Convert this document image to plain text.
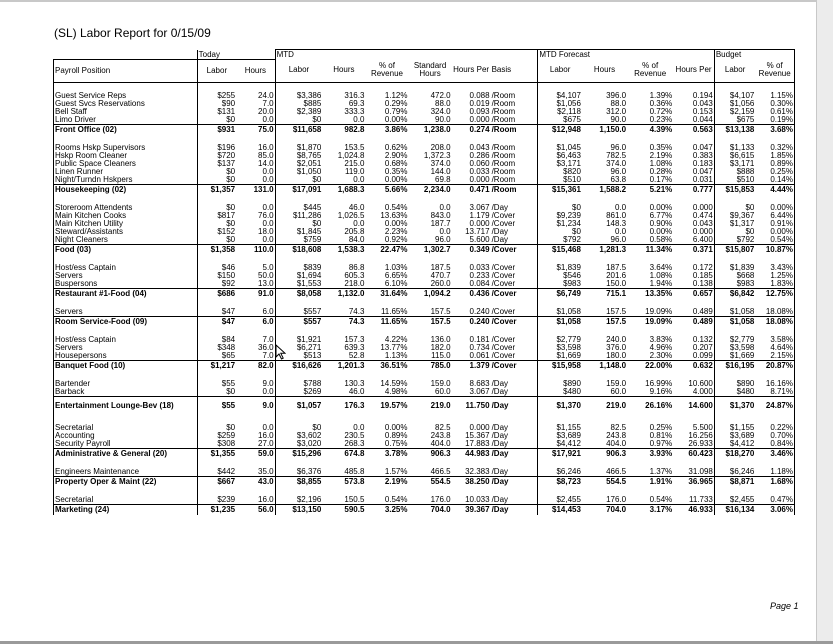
(SL) Labor Report for 0/15/09
	Today		MTD						MTD Forecast				Budget	
Payroll Position	Labor	Hours	Labor	Hours	% of Revenue	Standard Hours	Hours Per	Basis	Labor	Hours	% of Revenue	Hours Per	Labor	% of Revenue

Guest Service Reps	$255	24.0	$3,386	316.3	1.12%	472.0	0.088	/Room	$4,107	396.0	1.39%	0.194	$4,107	1.15%
Guest Svcs Reservations	$90	7.0	$885	69.3	0.29%	88.0	0.019	/Room	$1,056	88.0	0.36%	0.043	$1,056	0.30%
Bell Staff	$131	20.0	$2,389	333.3	0.79%	324.0	0.093	/Room	$2,118	312.0	0.72%	0.153	$2,159	0.61%
Limo Driver	$0	0.0	$0	0.0	0.00%	90.0	0.000	/Room	$675	90.0	0.23%	0.044	$675	0.19%
Front Office (02)	$931	75.0	$11,658	982.8	3.86%	1,238.0	0.274	/Room	$12,948	1,150.0	4.39%	0.563	$13,138	3.68%

Rooms Hskp Supervisors	$196	16.0	$1,870	153.5	0.62%	208.0	0.043	/Room	$1,045	96.0	0.35%	0.047	$1,133	0.32%
Hskp Room Cleaner	$720	85.0	$8,765	1,024.8	2.90%	1,372.3	0.286	/Room	$6,463	782.5	2.19%	0.383	$6,615	1.85%
Public Space Cleaners	$137	14.0	$2,051	215.0	0.68%	374.0	0.060	/Room	$3,171	374.0	1.08%	0.183	$3,171	0.89%
Linen Runner	$0	0.0	$1,050	119.0	0.35%	144.0	0.033	/Room	$820	96.0	0.28%	0.047	$888	0.25%
Night/Turndn Hskpers	$0	0.0	$0	0.0	0.00%	69.8	0.000	/Room	$510	63.8	0.17%	0.031	$510	0.14%
Housekeeping (02)	$1,357	131.0	$17,091	1,688.3	5.66%	2,234.0	0.471	/Room	$15,361	1,588.2	5.21%	0.777	$15,853	4.44%

Storeroom Attendents	$0	0.0	$445	46.0	0.54%	0.0	3.067	/Day	$0	0.0	0.00%	0.000	$0	0.00%
Main Kitchen Cooks	$817	76.0	$11,286	1,026.5	13.63%	843.0	1.179	/Cover	$9,239	861.0	6.77%	0.474	$9,367	6.44%
Main Kitchen Utility	$0	0.0	$0	0.0	0.00%	187.7	0.000	/Cover	$1,234	148.3	0.90%	0.043	$1,317	0.91%
Steward/Assistants	$152	18.0	$1,845	205.8	2.23%	0.0	13.717	/Day	$0	0.0	0.00%	0.000	$0	0.00%
Night Cleaners	$0	0.0	$759	84.0	0.92%	96.0	5.600	/Day	$792	96.0	0.58%	6.400	$792	0.54%
Food (03)	$1,358	110.0	$18,608	1,538.3	22.47%	1,302.7	0.349	/Cover	$15,468	1,281.3	11.34%	0.371	$15,807	10.87%

Host/ess Captain	$46	5.0	$839	86.8	1.03%	187.5	0.033	/Cover	$1,839	187.5	3.64%	0.172	$1,839	3.43%
Servers	$150	50.0	$1,694	605.3	6.65%	470.7	0.233	/Cover	$546	201.6	1.08%	0.185	$668	1.25%
Buspersons	$92	13.0	$1,553	218.0	6.10%	260.0	0.084	/Cover	$983	150.0	1.94%	0.138	$983	1.83%
Restaurant #1-Food (04)	$686	91.0	$8,058	1,132.0	31.64%	1,094.2	0.436	/Cover	$6,749	715.1	13.35%	0.657	$6,842	12.75%

Servers	$47	6.0	$557	74.3	11.65%	157.5	0.240	/Cover	$1,058	157.5	19.09%	0.489	$1,058	18.08%
Room Service-Food (09)	$47	6.0	$557	74.3	11.65%	157.5	0.240	/Cover	$1,058	157.5	19.09%	0.489	$1,058	18.08%

Host/ess Captain	$84	7.0	$1,921	157.3	4.22%	136.0	0.181	/Cover	$2,779	240.0	3.83%	0.132	$2,779	3.58%
Servers	$348	36.0	$6,271	639.3	13.77%	182.0	0.734	/Cover	$3,598	376.0	4.96%	0.207	$3,598	4.64%
Housepersons	$65	7.0	$513	52.8	1.13%	115.0	0.061	/Cover	$1,669	180.0	2.30%	0.099	$1,669	2.15%
Banquet Food (10)	$1,217	82.0	$16,626	1,201.3	36.51%	785.0	1.379	/Cover	$15,958	1,148.0	22.00%	0.632	$16,195	20.87%

Bartender	$55	9.0	$788	130.3	14.59%	159.0	8.683	/Day	$890	159.0	16.99%	10.600	$890	16.16%
Barback	$0	0.0	$269	46.0	4.98%	60.0	3.067	/Day	$480	60.0	9.16%	4.000	$480	8.71%
Entertainment Lounge-Bev (18)	$55	9.0	$1,057	176.3	19.57%	219.0	11.750	/Day	$1,370	219.0	26.16%	14.600	$1,370	24.87%

Secretarial	$0	0.0	$0	0.0	0.00%	82.5	0.000	/Day	$1,155	82.5	0.25%	5.500	$1,155	0.22%
Accounting	$259	16.0	$3,602	230.5	0.89%	243.8	15.367	/Day	$3,689	243.8	0.81%	16.256	$3,689	0.70%
Security Payroll	$308	27.0	$3,020	268.3	0.75%	404.0	17.883	/Day	$4,412	404.0	0.97%	26.933	$4,412	0.84%
Administrative & General (20)	$1,355	59.0	$15,296	674.8	3.78%	906.3	44.983	/Day	$17,921	906.3	3.93%	60.423	$18,270	3.46%

Engineers Maintenance	$442	35.0	$6,376	485.8	1.57%	466.5	32.383	/Day	$6,246	466.5	1.37%	31.098	$6,246	1.18%
Property Oper & Maint (22)	$667	43.0	$8,855	573.8	2.19%	554.5	38.250	/Day	$8,723	554.5	1.91%	36.965	$8,871	1.68%

Secretarial	$239	16.0	$2,196	150.5	0.54%	176.0	10.033	/Day	$2,455	176.0	0.54%	11.733	$2,455	0.47%
Marketing (24)	$1,235	56.0	$13,150	590.5	3.25%	704.0	39.367	/Day	$14,453	704.0	3.17%	46.933	$16,134	3.06%
Page 1
